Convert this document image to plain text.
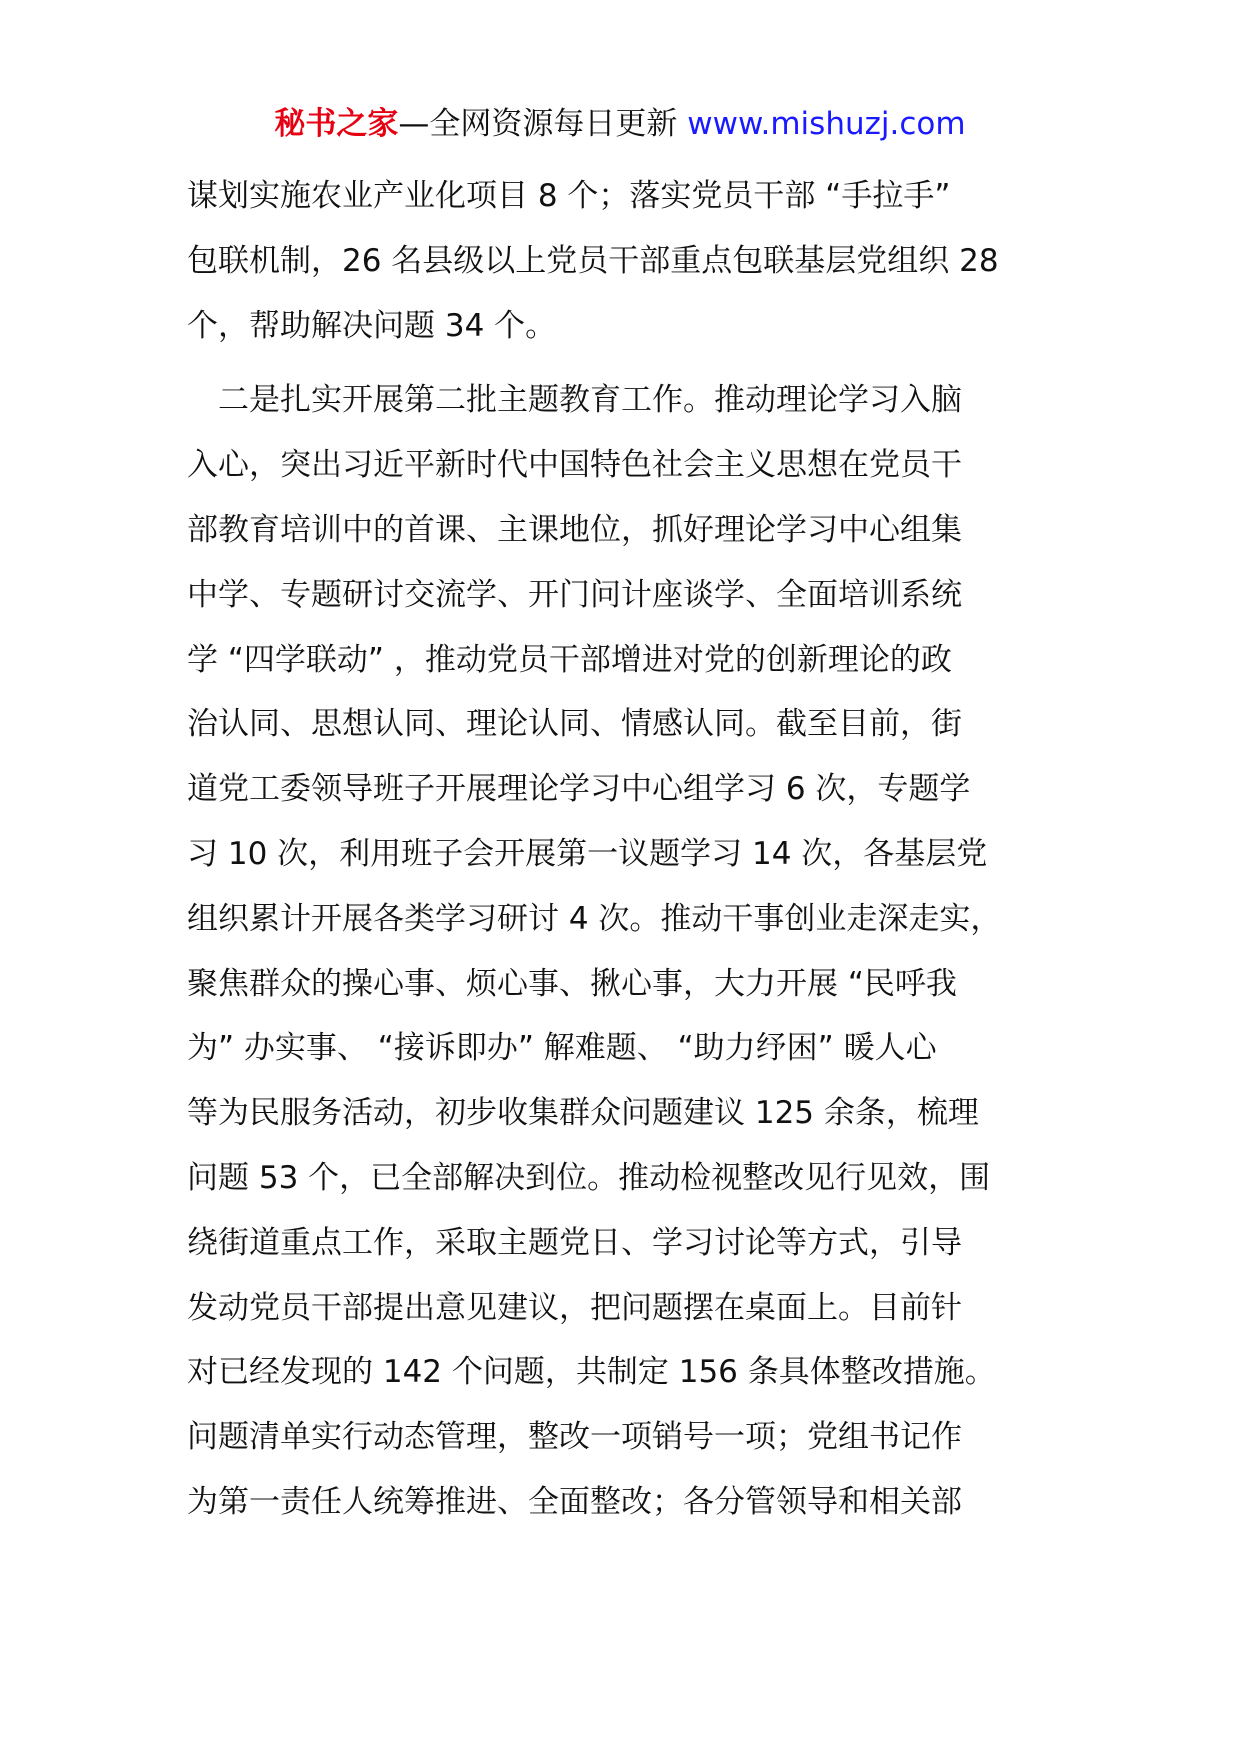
秘书之家—全网资源每日更新 www.mishuzj.com

谋划实施农业产业化项目 8 个；落实党员干部 “手拉手”
包联机制，26 名县级以上党员干部重点包联基层党组织 28
个，帮助解决问题 34 个。

　二是扎实开展第二批主题教育工作。推动理论学习入脑
入心，突出习近平新时代中国特色社会主义思想在党员干
部教育培训中的首课、主课地位，抓好理论学习中心组集
中学、专题研讨交流学、开门问计座谈学、全面培训系统
学 “四学联动” ，推动党员干部增进对党的创新理论的政
治认同、思想认同、理论认同、情感认同。截至目前，街
道党工委领导班子开展理论学习中心组学习 6 次，专题学
习 10 次，利用班子会开展第一议题学习 14 次，各基层党
组织累计开展各类学习研讨 4 次。推动干事创业走深走实，
聚焦群众的操心事、烦心事、揪心事，大力开展 “民呼我
为” 办实事、 “接诉即办” 解难题、 “助力纾困” 暖人心
等为民服务活动，初步收集群众问题建议 125 余条，梳理
问题 53 个，已全部解决到位。推动检视整改见行见效，围
绕街道重点工作，采取主题党日、学习讨论等方式，引导
发动党员干部提出意见建议，把问题摆在桌面上。目前针
对已经发现的 142 个问题，共制定 156 条具体整改措施。
问题清单实行动态管理，整改一项销号一项；党组书记作
为第一责任人统筹推进、全面整改；各分管领导和相关部
